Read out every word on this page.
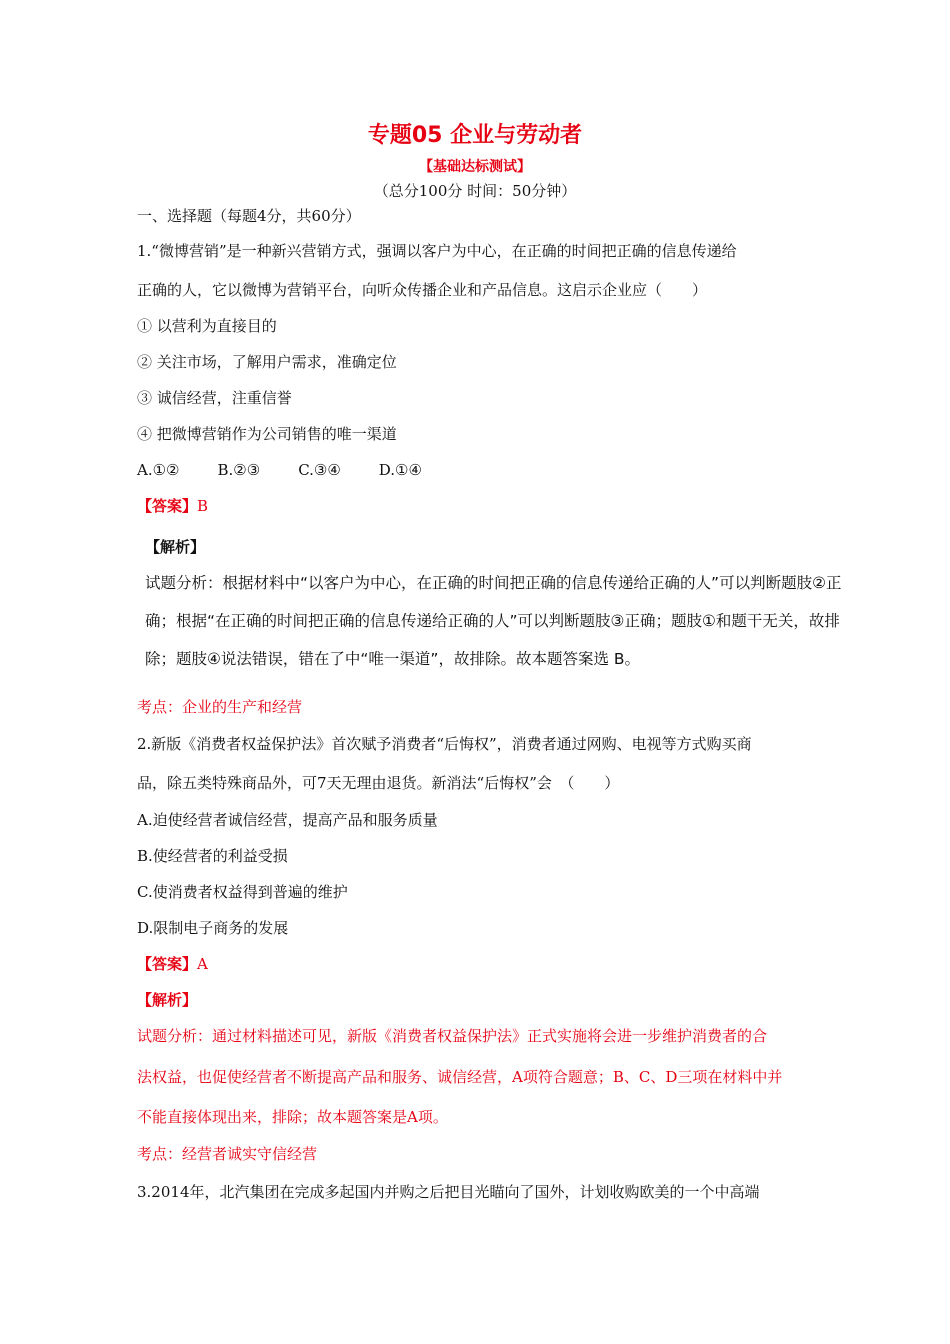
专题05 企业与劳动者
【基础达标测试】
（总分100分 时间：50分钟）
一、选择题（每题4分，共60分）
1.“微博营销”是一种新兴营销方式，强调以客户为中心，在正确的时间把正确的信息传递给
正确的人，它以微博为营销平台，向听众传播企业和产品信息。这启示企业应（　　）
① 以营利为直接目的
② 关注市场，了解用户需求，准确定位
③ 诚信经营，注重信誉
④ 把微博营销作为公司销售的唯一渠道
A.①②	B.②③	C.③④	D.①④
【答案】B
【解析】
试题分析：根据材料中“以客户为中心，在正确的时间把正确的信息传递给正确的人”可以判断题肢②正
确；根据“在正确的时间把正确的信息传递给正确的人”可以判断题肢③正确；题肢①和题干无关，故排
除；题肢④说法错误，错在了中“唯一渠道”，故排除。故本题答案选 B。
考点：企业的生产和经营
2.新版《消费者权益保护法》首次赋予消费者“后悔权”，消费者通过网购、电视等方式购买商
品，除五类特殊商品外，可7天无理由退货。新消法“后悔权”会　（　　）
A.迫使经营者诚信经营，提高产品和服务质量
B.使经营者的利益受损
C.使消费者权益得到普遍的维护
D.限制电子商务的发展
【答案】A
【解析】
试题分析：通过材料描述可见，新版《消费者权益保护法》正式实施将会进一步维护消费者的合
法权益，也促使经营者不断提高产品和服务、诚信经营，A项符合题意；B、C、D三项在材料中并
不能直接体现出来，排除；故本题答案是A项。
考点：经营者诚实守信经营
3.2014年，北汽集团在完成多起国内并购之后把目光瞄向了国外，计划收购欧美的一个中高端
